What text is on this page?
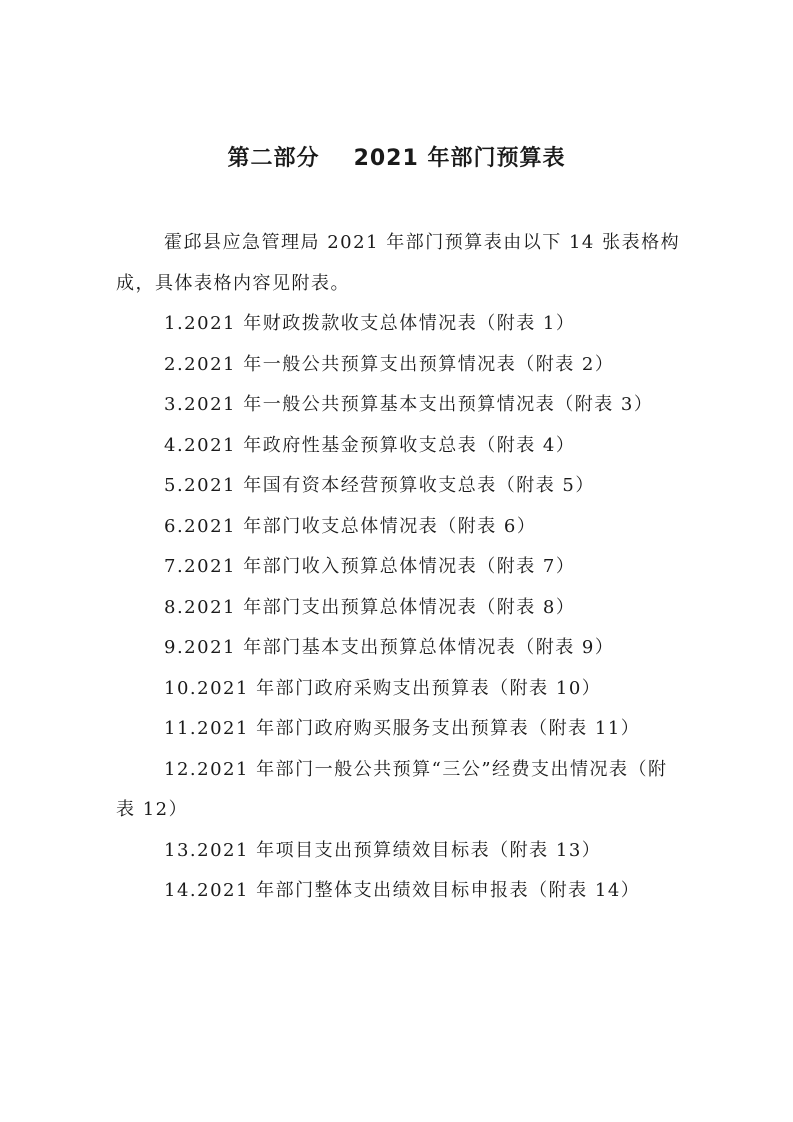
第二部分 2021 年部门预算表

霍邱县应急管理局 2021 年部门预算表由以下 14 张表格构成，具体表格内容见附表。

1.2021 年财政拨款收支总体情况表（附表 1）
2.2021 年一般公共预算支出预算情况表（附表 2）
3.2021 年一般公共预算基本支出预算情况表（附表 3）
4.2021 年政府性基金预算收支总表（附表 4）
5.2021 年国有资本经营预算收支总表（附表 5）
6.2021 年部门收支总体情况表（附表 6）
7.2021 年部门收入预算总体情况表（附表 7）
8.2021 年部门支出预算总体情况表（附表 8）
9.2021 年部门基本支出预算总体情况表（附表 9）
10.2021 年部门政府采购支出预算表（附表 10）
11.2021 年部门政府购买服务支出预算表（附表 11）
12.2021 年部门一般公共预算“三公”经费支出情况表（附表 12）
13.2021 年项目支出预算绩效目标表（附表 13）
14.2021 年部门整体支出绩效目标申报表（附表 14）
